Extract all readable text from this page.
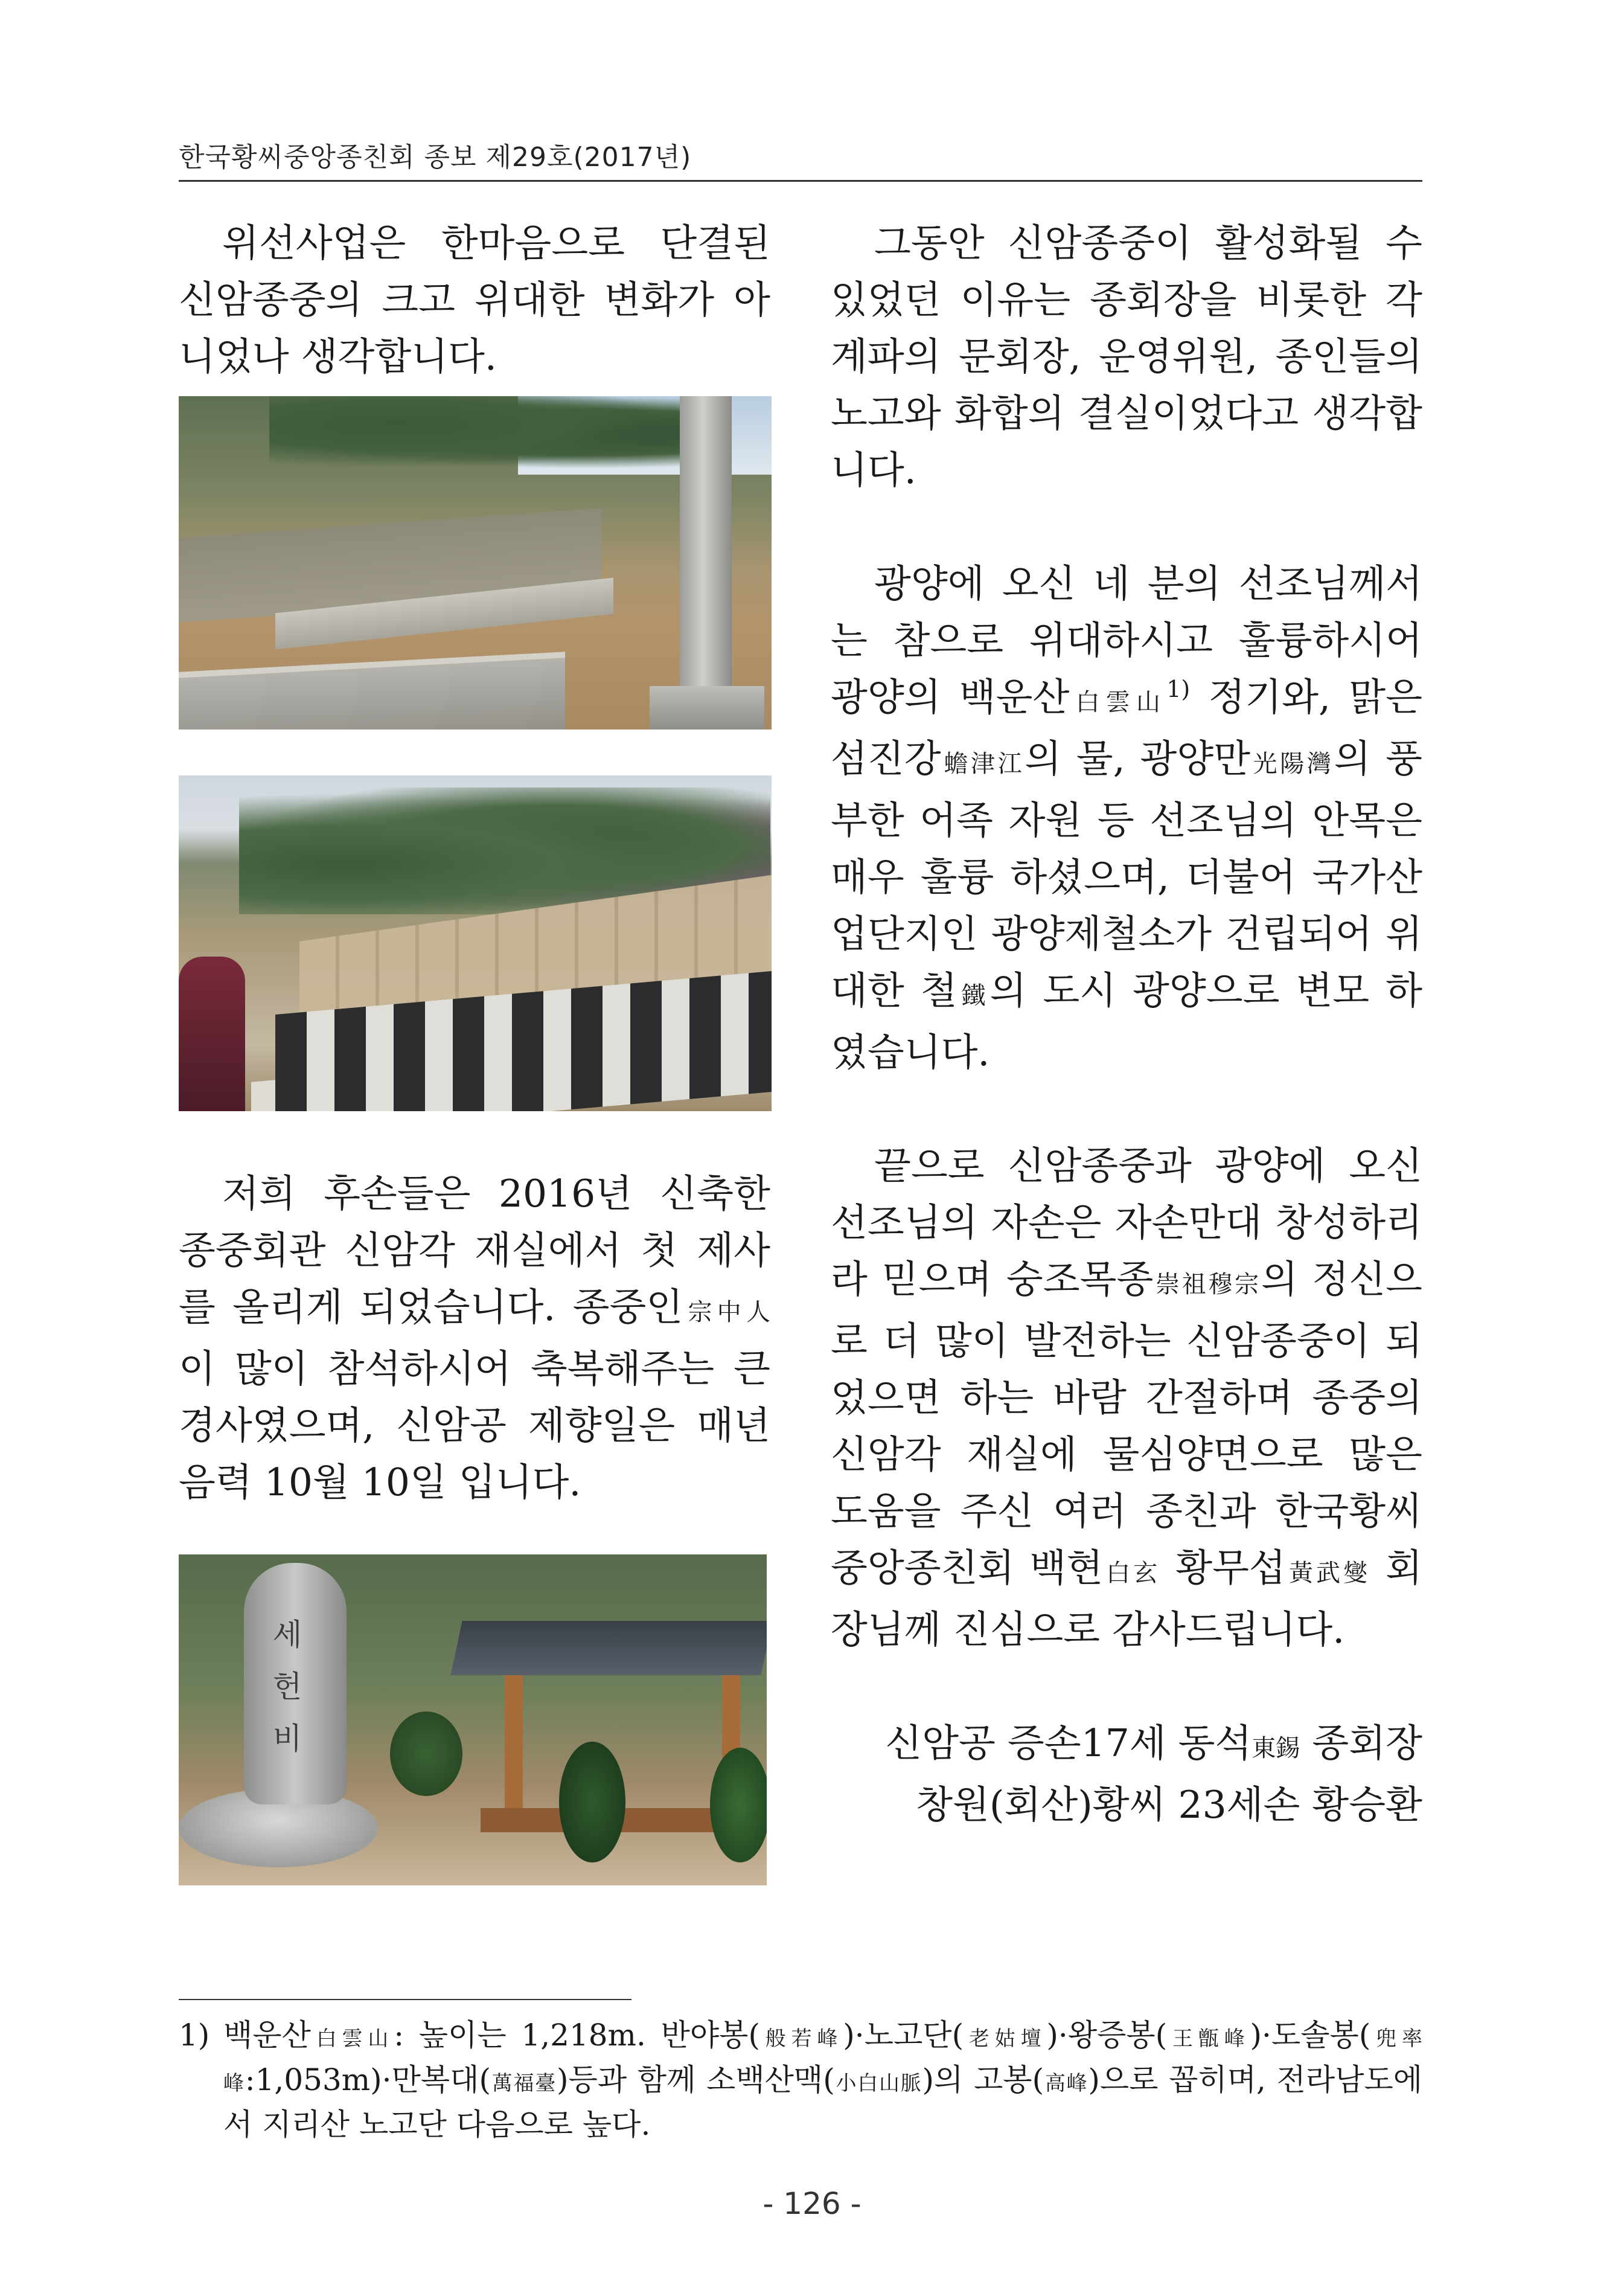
한국황씨중앙종친회 종보 제29호(2017년)

위선사업은 한마음으로 단결된 신암종중의 크고 위대한 변화가 아니었나 생각합니다.

저희 후손들은 2016년 신축한 종중회관 신암각 재실에서 첫 제사를 올리게 되었습니다. 종중인宗中人이 많이 참석하시어 축복해주는 큰 경사였으며, 신암공 제향일은 매년 음력 10월 10일 입니다.

세헌비

그동안 신암종중이 활성화될 수 있었던 이유는 종회장을 비롯한 각 계파의 문회장, 운영위원, 종인들의 노고와 화합의 결실이었다고 생각합니다.

광양에 오신 네 분의 선조님께서는 참으로 위대하시고 훌륭하시어 광양의 백운산白雲山$^{1)}$ 정기와, 맑은 섬진강蟾津江의 물, 광양만光陽灣의 풍부한 어족 자원 등 선조님의 안목은 매우 훌륭 하셨으며, 더불어 국가산업단지인 광양제철소가 건립되어 위대한 철鐵의 도시 광양으로 변모 하였습니다.

끝으로 신암종중과 광양에 오신 선조님의 자손은 자손만대 창성하리라 믿으며 숭조목종崇祖穆宗의 정신으로 더 많이 발전하는 신암종중이 되었으면 하는 바람 간절하며 종중의 신암각 재실에 물심양면으로 많은 도움을 주신 여러 종친과 한국황씨중앙종친회 백현白玄 황무섭黃武燮 회장님께 진심으로 감사드립니다.

신암공 증손17세 동석東錫 종회장
창원(회산)황씨 23세손 황승환
1) 백운산白雲山: 높이는 1,218m. 반야봉(般若峰)·노고단(老姑壇)·왕증봉(王甑峰)·도솔봉(兜率峰:1,053m)·만복대(萬福臺)등과 함께 소백산맥(小白山脈)의 고봉(高峰)으로 꼽히며, 전라남도에서 지리산 노고단 다음으로 높다.
- 126 -
